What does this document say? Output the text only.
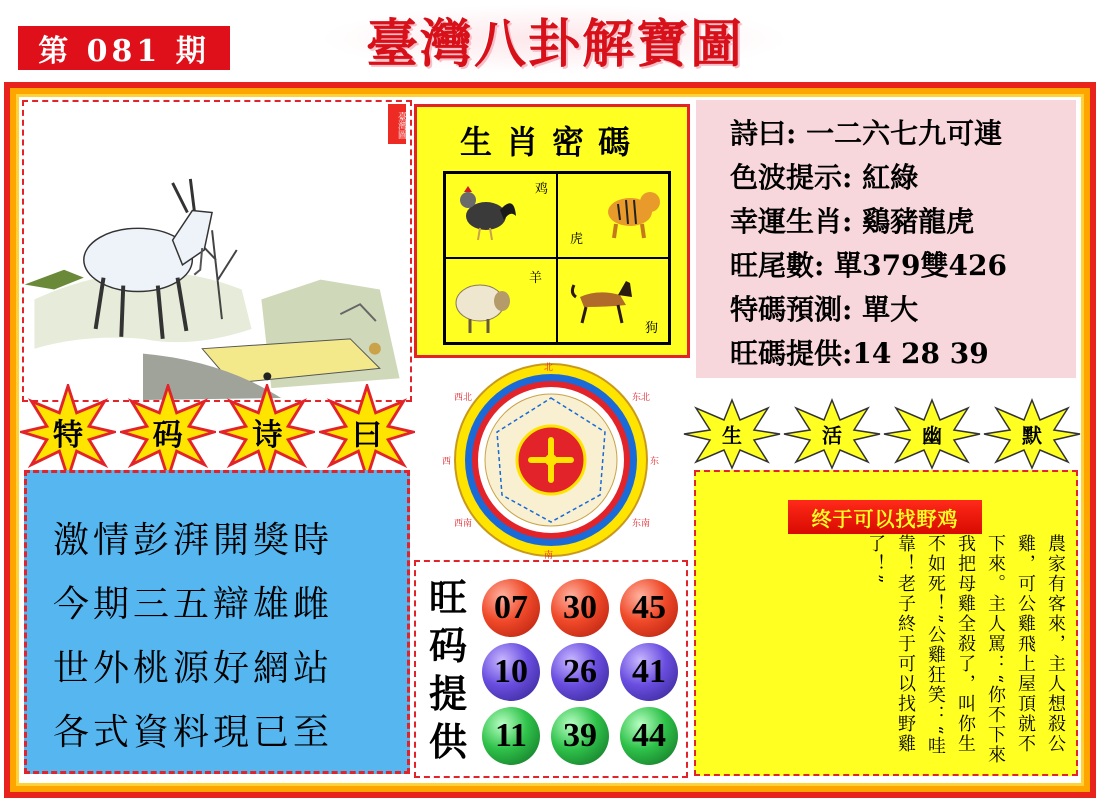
第 081 期	臺灣八卦解寶圖
臺灣圖	生肖密碼
鸡
虎
羊
狗
詩曰: 一二六七九可連
色波提示: 紅綠
幸運生肖: 鷄豬龍虎
旺尾數: 單379雙426
特碼預測: 單大
旺碼提供:14 28 39
特	码	诗	曰
北
东
南
西
西北	东北
西南	东南
激情彭湃開獎時
今期三五辯雄雌
世外桃源好網站
各式資料現已至
旺码提供
07	30	45
10	26	41
11	39	44
生	活	幽	默
终于可以找野鸡
農家有客來，主人想殺公雞，可公雞飛上屋頂就不下來。主人罵：“你不下來我把母雞全殺了，叫你生不如死！”公雞狂笑：“哇靠！老子終于可以找野雞了！”
